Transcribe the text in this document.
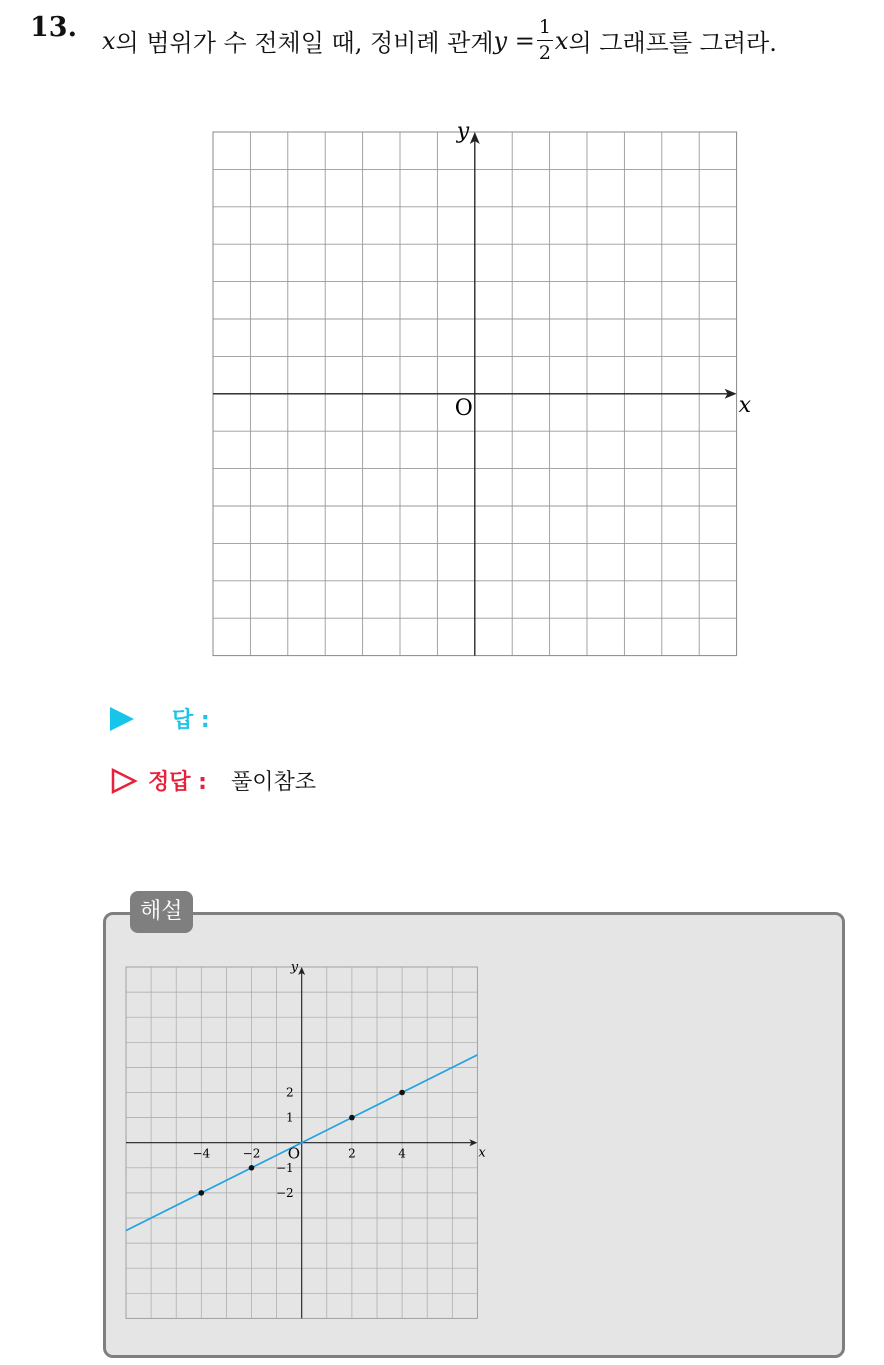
13. x 의 범위가 수 전체일 때, 정비례 관계 $y = \frac{1}{2}$ x 의 그래프를 그려라.
x
y
O
답 :
정답 : 풀이참조
해설
−4	−2	2	4
2
1
−1
−2
x
y
O
